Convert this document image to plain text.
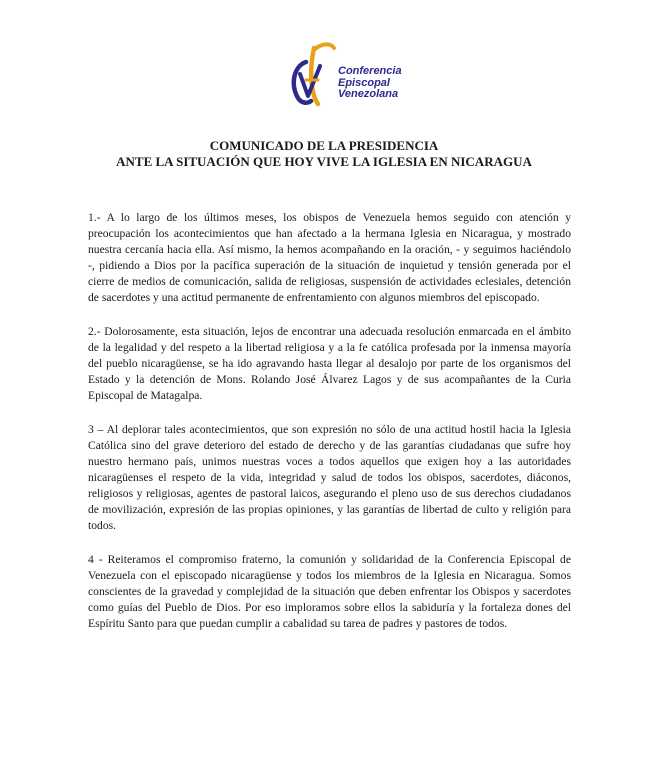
Conferencia
Episcopal
Venezolana
COMUNICADO DE LA PRESIDENCIA
ANTE LA SITUACIÓN QUE HOY VIVE LA IGLESIA EN NICARAGUA

1.- A lo largo de los últimos meses, los obispos de Venezuela hemos seguido con atención y preocupación los acontecimientos que han afectado a la hermana Iglesia en Nicaragua, y mostrado nuestra cercanía hacia ella. Así mismo, la hemos acompañando en la oración, - y seguimos haciéndolo -, pidiendo a Dios por la pacífica superación de la situación de inquietud y tensión generada por el cierre de medios de comunicación, salida de religiosas, suspensión de actividades eclesiales, detención de sacerdotes y una actitud permanente de enfrentamiento con algunos miembros del episcopado.

2.- Dolorosamente, esta situación, lejos de encontrar una adecuada resolución enmarcada en el ámbito de la legalidad y del respeto a la libertad religiosa y a la fe católica profesada por la inmensa mayoría del pueblo nicaragüense, se ha ido agravando hasta llegar al desalojo por parte de los organismos del Estado y la detención de Mons. Rolando José Álvarez Lagos y de sus acompañantes de la Curia Episcopal de Matagalpa.

3 – Al deplorar tales acontecimientos, que son expresión no sólo de una actitud hostil hacia la Iglesia Católica sino del grave deterioro del estado de derecho y de las garantías ciudadanas que sufre hoy nuestro hermano país, unimos nuestras voces a todos aquellos que exigen hoy a las autoridades nicaragüenses el respeto de la vida, integridad y salud de todos los obispos, sacerdotes, diáconos, religiosos y religiosas, agentes de pastoral laicos, asegurando el pleno uso de sus derechos ciudadanos de movilización, expresión de las propias opiniones, y las garantías de libertad de culto y religión para todos.

4 - Reiteramos el compromiso fraterno, la comunión y solidaridad de la Conferencia Episcopal de Venezuela con el episcopado nicaragüense y todos los miembros de la Iglesia en Nicaragua. Somos conscientes de la gravedad y complejidad de la situación que deben enfrentar los Obispos y sacerdotes como guías del Pueblo de Dios. Por eso imploramos sobre ellos la sabiduría y la fortaleza dones del Espíritu Santo para que puedan cumplir a cabalidad su tarea de padres y pastores de todos.
